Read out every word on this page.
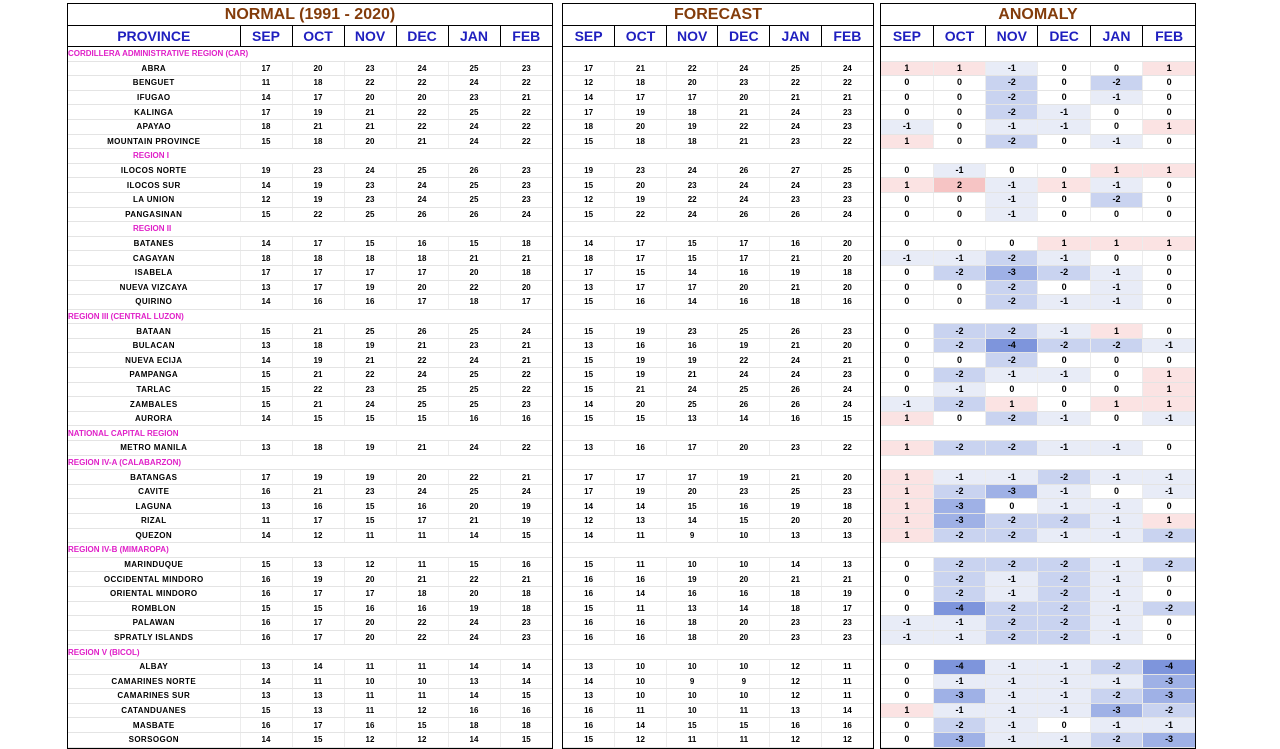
NORMAL (1991 - 2020)						
PROVINCE	SEP	OCT	NOV	DEC	JAN	FEB
CORDILLERA ADMINISTRATIVE REGION (CAR)						
ABRA	17	20	23	24	25	23
BENGUET	11	18	22	22	24	22
IFUGAO	14	17	20	20	23	21
KALINGA	17	19	21	22	25	22
APAYAO	18	21	21	22	24	22
MOUNTAIN PROVINCE	15	18	20	21	24	22
REGION I						
ILOCOS NORTE	19	23	24	25	26	23
ILOCOS SUR	14	19	23	24	25	23
LA UNION	12	19	23	24	25	23
PANGASINAN	15	22	25	26	26	24
REGION II						
BATANES	14	17	15	16	15	18
CAGAYAN	18	18	18	18	21	21
ISABELA	17	17	17	17	20	18
NUEVA VIZCAYA	13	17	19	20	22	20
QUIRINO	14	16	16	17	18	17
REGION III (CENTRAL LUZON)						
BATAAN	15	21	25	26	25	24
BULACAN	13	18	19	21	23	21
NUEVA ECIJA	14	19	21	22	24	21
PAMPANGA	15	21	22	24	25	22
TARLAC	15	22	23	25	25	22
ZAMBALES	15	21	24	25	25	23
AURORA	14	15	15	15	16	16
NATIONAL CAPITAL REGION						
METRO MANILA	13	18	19	21	24	22
REGION IV-A (CALABARZON)						
BATANGAS	17	19	19	20	22	21
CAVITE	16	21	23	24	25	24
LAGUNA	13	16	15	16	20	19
RIZAL	11	17	15	17	21	19
QUEZON	14	12	11	11	14	15
REGION IV-B (MIMAROPA)						
MARINDUQUE	15	13	12	11	15	16
OCCIDENTAL MINDORO	16	19	20	21	22	21
ORIENTAL MINDORO	16	17	17	18	20	18
ROMBLON	15	15	16	16	19	18
PALAWAN	16	17	20	22	24	23
SPRATLY ISLANDS	16	17	20	22	24	23
REGION V (BICOL)						
ALBAY	13	14	11	11	14	14
CAMARINES NORTE	14	11	10	10	13	14
CAMARINES SUR	13	13	11	11	14	15
CATANDUANES	15	13	11	12	16	16
MASBATE	16	17	16	15	18	18
SORSOGON	14	15	12	12	14	15
FORECAST					
SEP	OCT	NOV	DEC	JAN	FEB

17	21	22	24	25	24
12	18	20	23	22	22
14	17	17	20	21	21
17	19	18	21	24	23
18	20	19	22	24	23
15	18	18	21	23	22

19	23	24	26	27	25
15	20	23	24	24	23
12	19	22	24	23	23
15	22	24	26	26	24

14	17	15	17	16	20
18	17	15	17	21	20
17	15	14	16	19	18
13	17	17	20	21	20
15	16	14	16	18	16

15	19	23	25	26	23
13	16	16	19	21	20
15	19	19	22	24	21
15	19	21	24	24	23
15	21	24	25	26	24
14	20	25	26	26	24
15	15	13	14	16	15

13	16	17	20	23	22

17	17	17	19	21	20
17	19	20	23	25	23
14	14	15	16	19	18
12	13	14	15	20	20
14	11	9	10	13	13

15	11	10	10	14	13
16	16	19	20	21	21
16	14	16	16	18	19
15	11	13	14	18	17
16	16	18	20	23	23
16	16	18	20	23	23

13	10	10	10	12	11
14	10	9	9	12	11
13	10	10	10	12	11
16	11	10	11	13	14
16	14	15	15	16	16
15	12	11	11	12	12
ANOMALY					
SEP	OCT	NOV	DEC	JAN	FEB

1	1	-1	0	0	1
0	0	-2	0	-2	0
0	0	-2	0	-1	0
0	0	-2	-1	0	0
-1	0	-1	-1	0	1
1	0	-2	0	-1	0

0	-1	0	0	1	1
1	2	-1	1	-1	0
0	0	-1	0	-2	0
0	0	-1	0	0	0

0	0	0	1	1	1
-1	-1	-2	-1	0	0
0	-2	-3	-2	-1	0
0	0	-2	0	-1	0
0	0	-2	-1	-1	0

0	-2	-2	-1	1	0
0	-2	-4	-2	-2	-1
0	0	-2	0	0	0
0	-2	-1	-1	0	1
0	-1	0	0	0	1
-1	-2	1	0	1	1
1	0	-2	-1	0	-1

1	-2	-2	-1	-1	0

1	-1	-1	-2	-1	-1
1	-2	-3	-1	0	-1
1	-3	0	-1	-1	0
1	-3	-2	-2	-1	1
1	-2	-2	-1	-1	-2

0	-2	-2	-2	-1	-2
0	-2	-1	-2	-1	0
0	-2	-1	-2	-1	0
0	-4	-2	-2	-1	-2
-1	-1	-2	-2	-1	0
-1	-1	-2	-2	-1	0

0	-4	-1	-1	-2	-4
0	-1	-1	-1	-1	-3
0	-3	-1	-1	-2	-3
1	-1	-1	-1	-3	-2
0	-2	-1	0	-1	-1
0	-3	-1	-1	-2	-3
